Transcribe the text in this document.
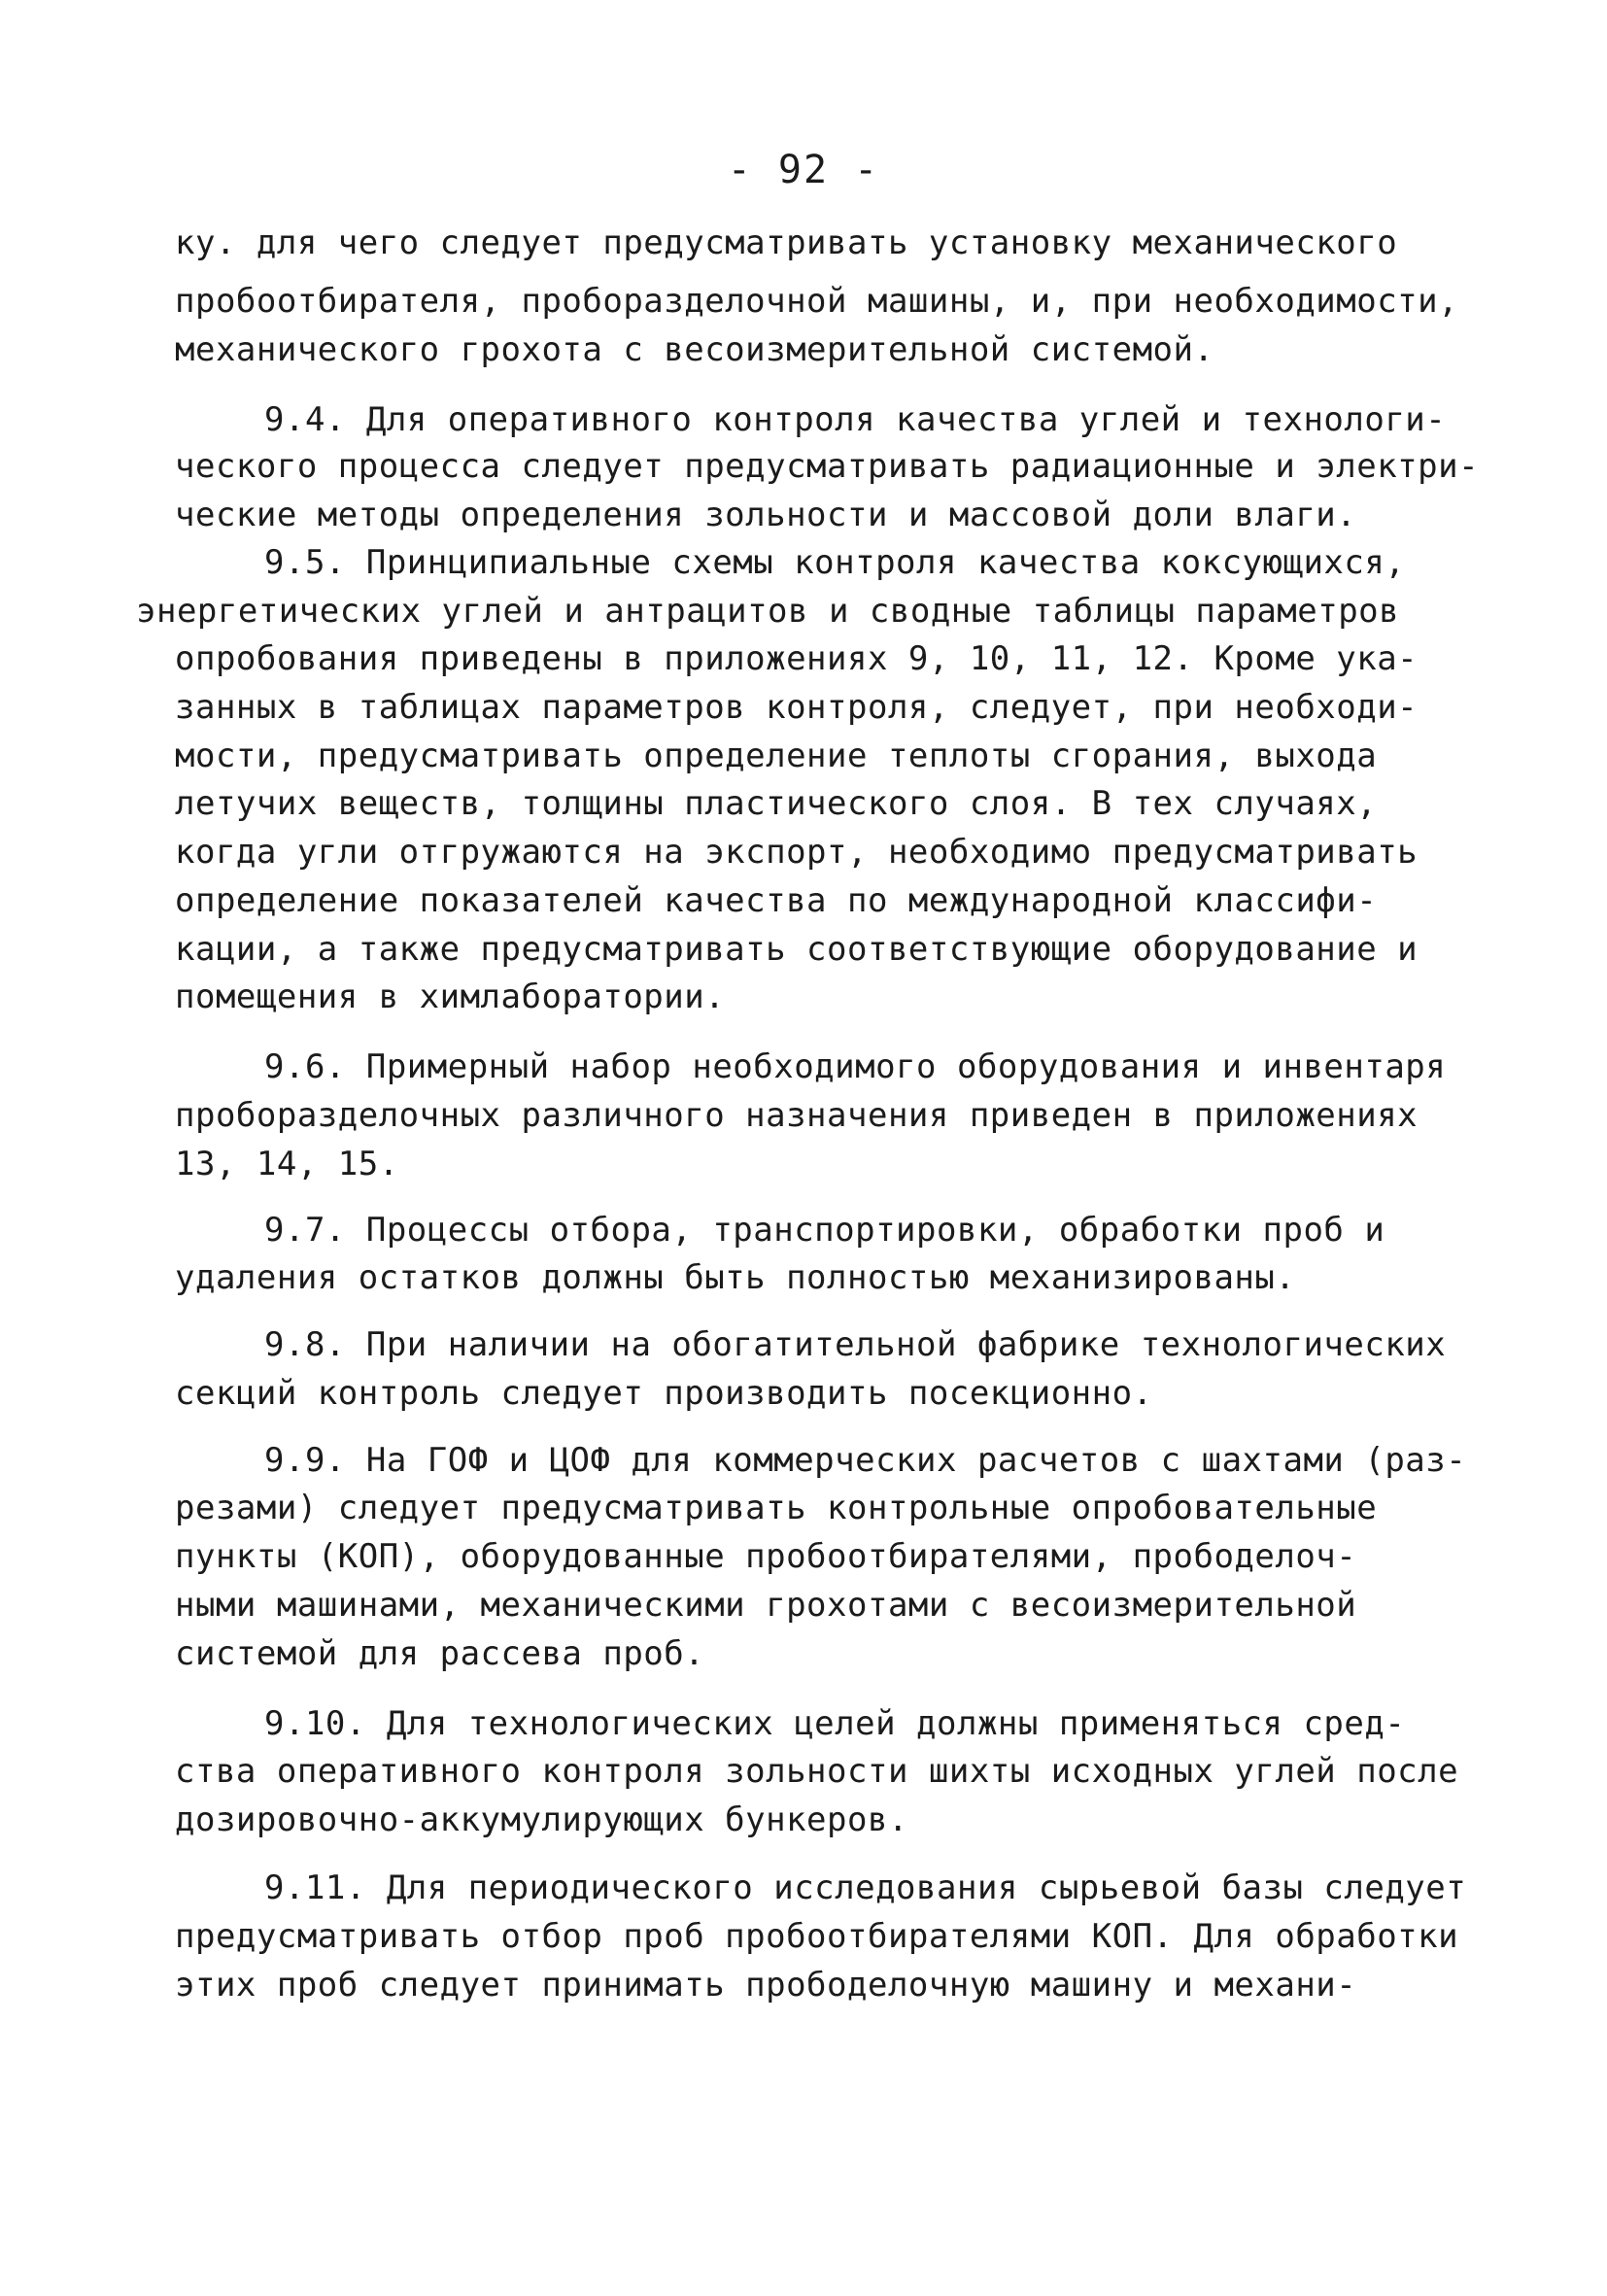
- 92 -
ку. для чего следует предусматривать установку механического
пробоотбирателя, проборазделочной машины, и, при необходимости,
механического грохота с весоизмерительной системой.
9.4. Для оперативного контроля качества углей и технологи-
ческого процесса следует предусматривать радиационные и электри-
ческие методы определения зольности и массовой доли влаги.
9.5. Принципиальные схемы контроля качества коксующихся,
энергетических углей и антрацитов и сводные таблицы параметров
опробования приведены в приложениях 9, 10, 11, 12. Кроме ука-
занных в таблицах параметров контроля, следует, при необходи-
мости, предусматривать определение теплоты сгорания, выхода
летучих веществ, толщины пластического слоя. В тех случаях,
когда угли отгружаются на экспорт, необходимо предусматривать
определение показателей качества по международной классифи-
кации, а также предусматривать соответствующие оборудование и
помещения в химлаборатории.
9.6. Примерный набор необходимого оборудования и инвентаря
проборазделочных различного назначения приведен в приложениях
13, 14, 15.
9.7. Процессы отбора, транспортировки, обработки проб и
удаления остатков должны быть полностью механизированы.
9.8. При наличии на обогатительной фабрике технологических
секций контроль следует производить посекционно.
9.9. На ГОФ и ЦОФ для коммерческих расчетов с шахтами (раз-
резами) следует предусматривать контрольные опробовательные
пункты (КОП), оборудованные пробоотбирателями, прободелоч-
ными машинами, механическими грохотами с весоизмерительной
системой для рассева проб.
9.10. Для технологических целей должны применяться сред-
ства оперативного контроля зольности шихты исходных углей после
дозировочно-аккумулирующих бункеров.
9.11. Для периодического исследования сырьевой базы следует
предусматривать отбор проб пробоотбирателями КОП. Для обработки
этих проб следует принимать прободелочную машину и механи-
